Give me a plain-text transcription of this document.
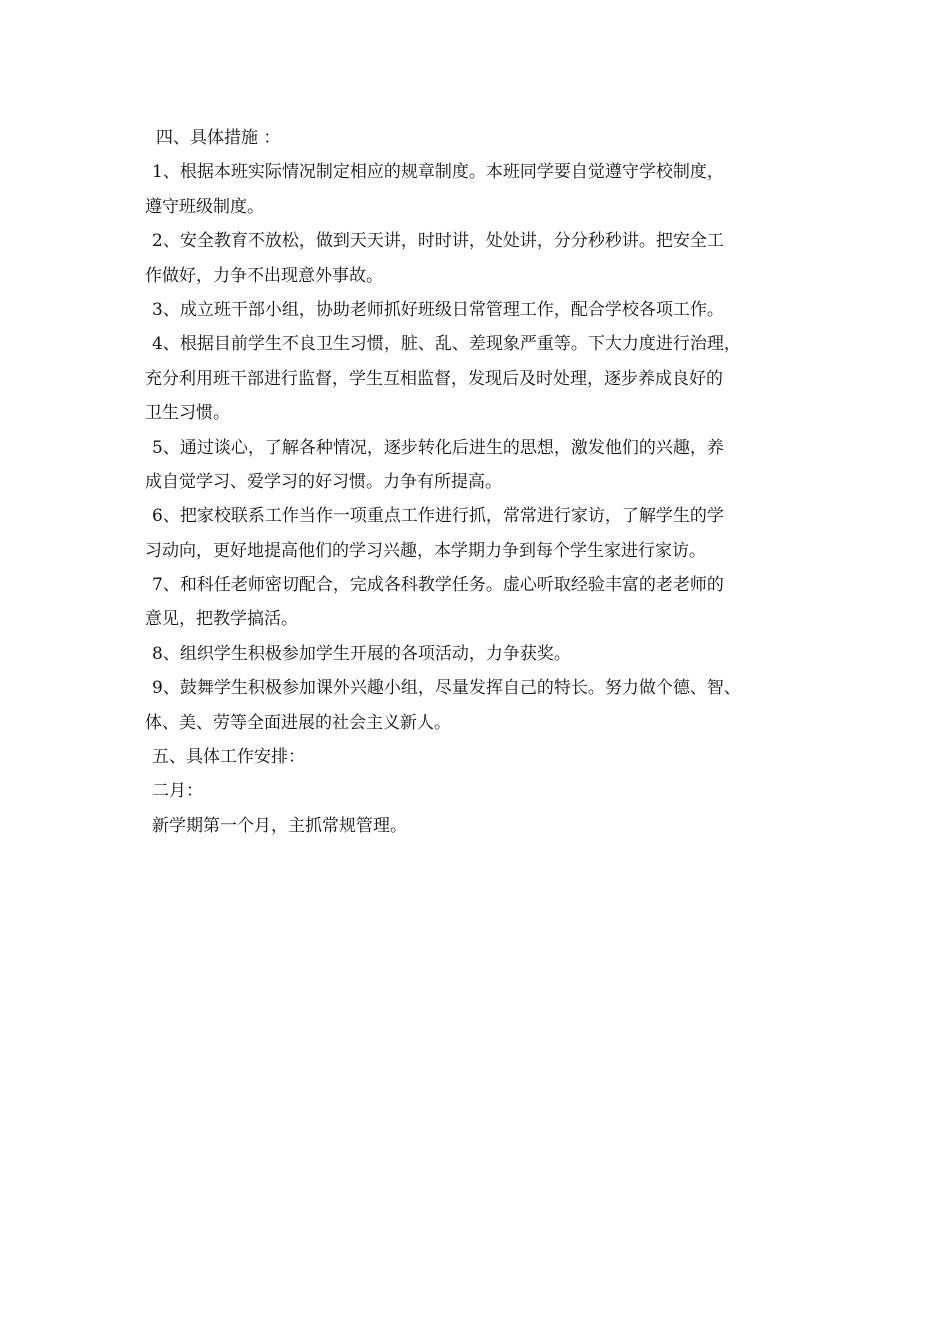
四、具体措施 ：
1、根据本班实际情况制定相应的规章制度。本班同学要自觉遵守学校制度，
遵守班级制度。
2、安全教育不放松，做到天天讲，时时讲，处处讲，分分秒秒讲。把安全工
作做好，力争不出现意外事故。
3、成立班干部小组，协助老师抓好班级日常管理工作，配合学校各项工作。
4、根据目前学生不良卫生习惯，脏、乱、差现象严重等。下大力度进行治理，
充分利用班干部进行监督，学生互相监督，发现后及时处理，逐步养成良好的
卫生习惯。
5、通过谈心，了解各种情况，逐步转化后进生的思想，激发他们的兴趣，养
成自觉学习、爱学习的好习惯。力争有所提高。
6、把家校联系工作当作一项重点工作进行抓，常常进行家访，了解学生的学
习动向，更好地提高他们的学习兴趣，本学期力争到每个学生家进行家访。
7、和科任老师密切配合，完成各科教学任务。虚心听取经验丰富的老老师的
意见，把教学搞活。
8、组织学生积极参加学生开展的各项活动，力争获奖。
9、鼓舞学生积极参加课外兴趣小组，尽量发挥自己的特长。努力做个德、智、
体、美、劳等全面进展的社会主义新人。
五、具体工作安排：
二月：
新学期第一个月，主抓常规管理。
